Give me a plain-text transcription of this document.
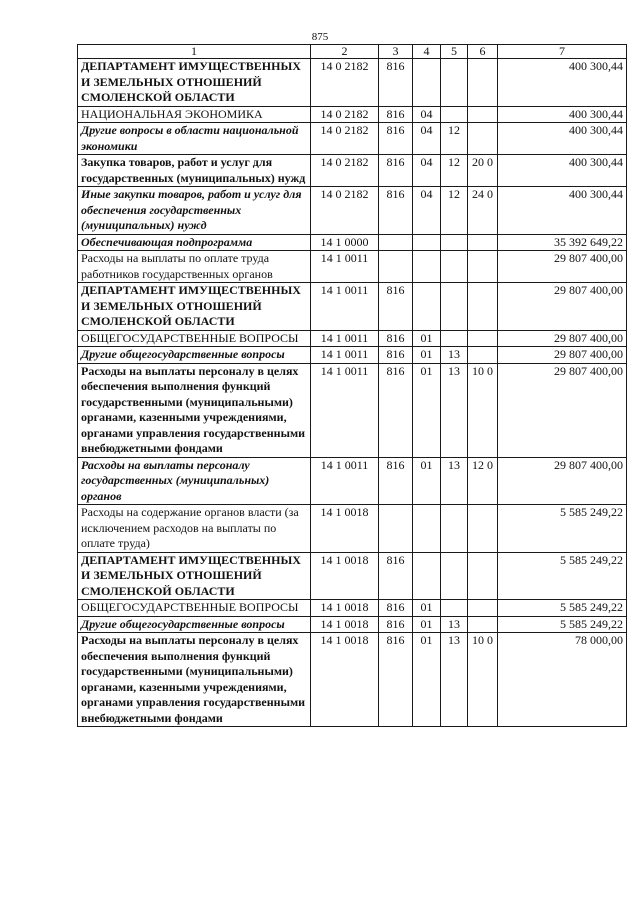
875
1	2	3	4	5	6	7
ДЕПАРТАМЕНТ ИМУЩЕСТВЕННЫХ И ЗЕМЕЛЬНЫХ ОТНОШЕНИЙ СМОЛЕНСКОЙ ОБЛАСТИ	14 0 2182	816				400 300,44
НАЦИОНАЛЬНАЯ ЭКОНОМИКА	14 0 2182	816	04			400 300,44
Другие вопросы в области национальной экономики	14 0 2182	816	04	12		400 300,44
Закупка товаров, работ и услуг для государственных (муниципальных) нужд	14 0 2182	816	04	12	20 0	400 300,44
Иные закупки товаров, работ и услуг для обеспечения государственных (муниципальных) нужд	14 0 2182	816	04	12	24 0	400 300,44
Обеспечивающая подпрограмма	14 1 0000					35 392 649,22
Расходы на выплаты по оплате труда работников государственных органов	14 1 0011					29 807 400,00
ДЕПАРТАМЕНТ ИМУЩЕСТВЕННЫХ И ЗЕМЕЛЬНЫХ ОТНОШЕНИЙ СМОЛЕНСКОЙ ОБЛАСТИ	14 1 0011	816				29 807 400,00
ОБЩЕГОСУДАРСТВЕННЫЕ ВОПРОСЫ	14 1 0011	816	01			29 807 400,00
Другие общегосударственные вопросы	14 1 0011	816	01	13		29 807 400,00
Расходы на выплаты персоналу в целях обеспечения выполнения функций государственными (муниципальными) органами, казенными учреждениями, органами управления государственными внебюджетными фондами	14 1 0011	816	01	13	10 0	29 807 400,00
Расходы на выплаты персоналу государственных (муниципальных) органов	14 1 0011	816	01	13	12 0	29 807 400,00
Расходы на содержание органов власти (за исключением расходов на выплаты по оплате труда)	14 1 0018					5 585 249,22
ДЕПАРТАМЕНТ ИМУЩЕСТВЕННЫХ И ЗЕМЕЛЬНЫХ ОТНОШЕНИЙ СМОЛЕНСКОЙ ОБЛАСТИ	14 1 0018	816				5 585 249,22
ОБЩЕГОСУДАРСТВЕННЫЕ ВОПРОСЫ	14 1 0018	816	01			5 585 249,22
Другие общегосударственные вопросы	14 1 0018	816	01	13		5 585 249,22
Расходы на выплаты персоналу в целях обеспечения выполнения функций государственными (муниципальными) органами, казенными учреждениями, органами управления государственными внебюджетными фондами	14 1 0018	816	01	13	10 0	78 000,00
